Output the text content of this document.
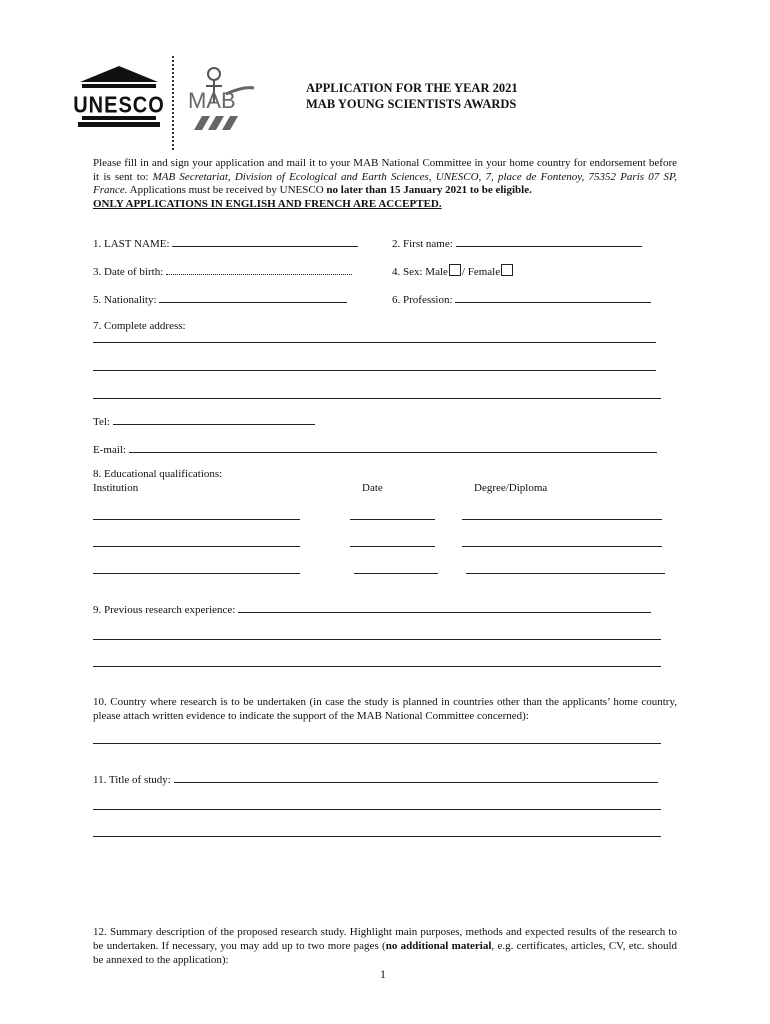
UNESCO MAB	APPLICATION FOR THE YEAR 2021
MAB YOUNG SCIENTISTS AWARDS
Please fill in and sign your application and mail it to your MAB National Committee in your home country for endorsement before it is sent to: MAB Secretariat, Division of Ecological and Earth Sciences, UNESCO, 7, place de Fontenoy, 75352 Paris 07 SP, France. Applications must be received by UNESCO no later than 15 January 2021 to be eligible.
ONLY APPLICATIONS IN ENGLISH AND FRENCH ARE ACCEPTED.
1. LAST NAME:	2. First name:
3. Date of birth:	4. Sex: Male / Female
5. Nationality:	6. Profession:
7. Complete address:
Tel:
E-mail:
8. Educational qualifications:
Institution	Date	Degree/Diploma
9. Previous research experience:
10. Country where research is to be undertaken (in case the study is planned in countries other than the applicants’ home country, please attach written evidence to indicate the support of the MAB National Committee concerned):
11. Title of study:
12. Summary description of the proposed research study. Highlight main purposes, methods and expected results of the research to be undertaken. If necessary, you may add up to two more pages (no additional material, e.g. certificates, articles, CV, etc. should be annexed to the application):
1
